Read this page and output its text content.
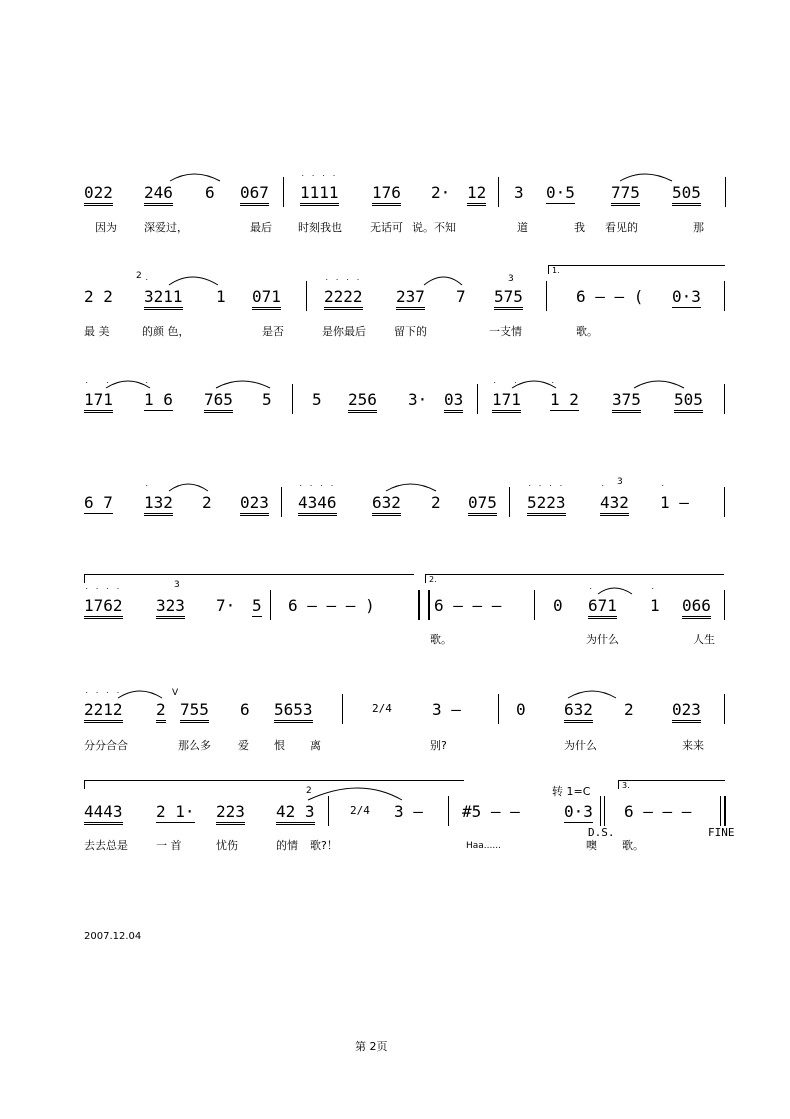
022 246 6 067 1111
˙˙˙˙
176 2· 12 3 0·5 775 505
因为 深爱过，	最后 时刻我也	无话可 说。不知	道	我 看见的	那
1.
2	3
2 2 3211
˙
1 071	2222
˙˙˙˙
237 7 575	6 – – ( 0·3
最 美	的颜 色，	是否	是你最后	留下的	一支情	歌。
171
˙ ˙
1 6
˙
765 5	5 256 3· 03 171
˙ ˙
1 2
˙
375 505
3
6 7 132
˙
2 023 4346
˙˙˙˙
632 2 075 5223
˙˙˙˙
432
˙
1 –
˙
2.
3
1762
˙˙˙˙
323 7· 5 6 – – – )	6 – – –	0 671
˙
1
˙
066
歌。	为什么	人生
V
2212
˙˙˙˙
2 755 6 5653	2/4	3 –	0 632 2 023
分分合合	那么多 爱 恨 离	别?	为什么	来来
3.
2	转 1=C
4443 2 1· 223 42 3	2/4 3 – #5 – –	0·3 6 – – –
D.S.	FINE
去去总是	一 首	忧伤	的情 歌?！	Haa......	噢 歌。
2007.12.04
第 2页
